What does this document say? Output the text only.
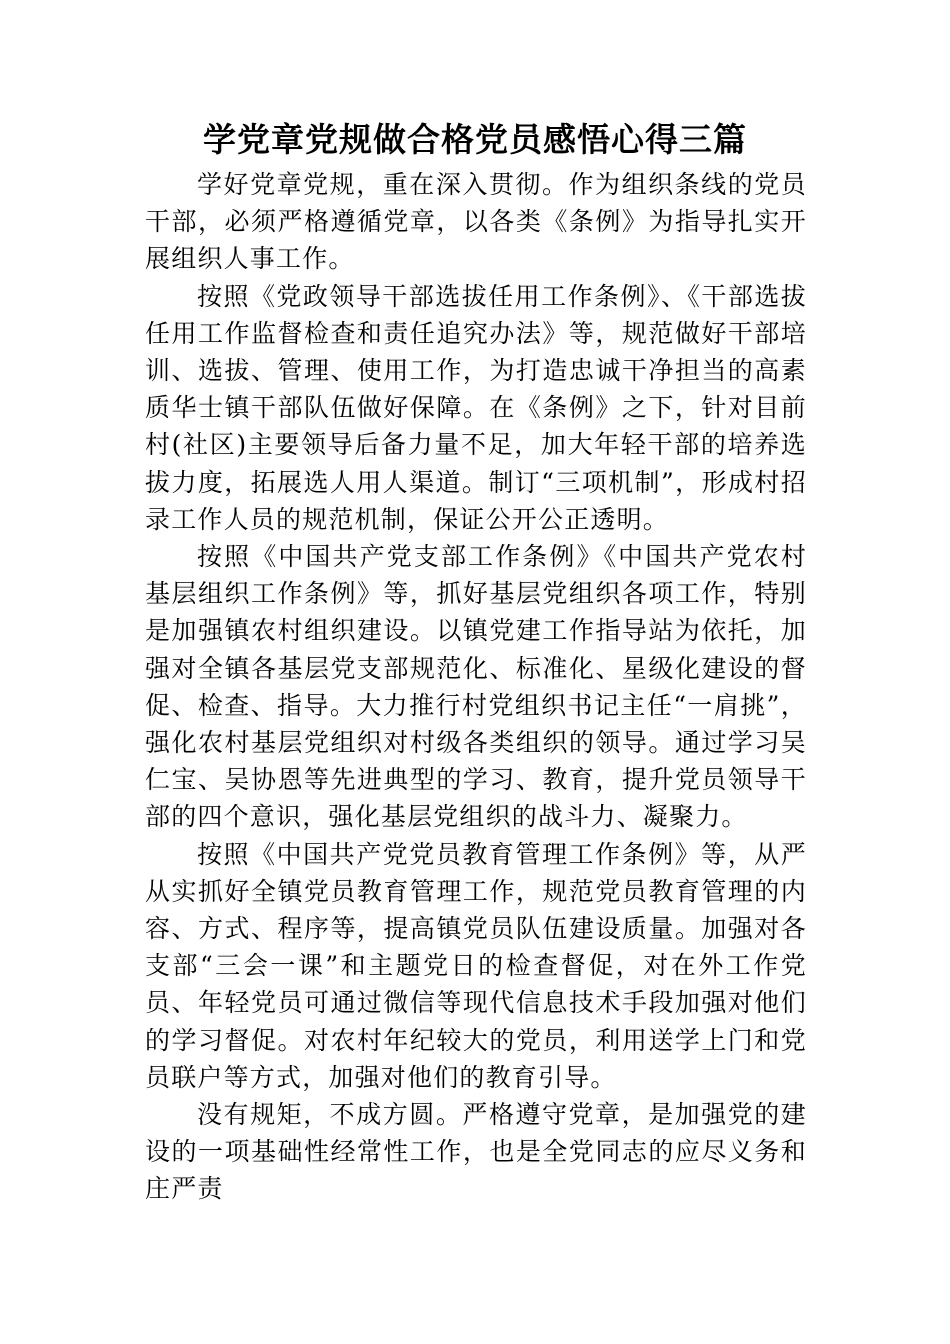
学党章党规做合格党员感悟心得三篇

学好党章党规，重在深入贯彻。作为组织条线的党员干部，必须严格遵循党章，以各类《条例》为指导扎实开展组织人事工作。

按照《党政领导干部选拔任用工作条例》、《干部选拔任用工作监督检查和责任追究办法》等，规范做好干部培训、选拔、管理、使用工作，为打造忠诚干净担当的高素质华士镇干部队伍做好保障。在《条例》之下，针对目前村(社区)主要领导后备力量不足，加大年轻干部的培养选拔力度，拓展选人用人渠道。制订“三项机制”，形成村招录工作人员的规范机制，保证公开公正透明。

按照《中国共产党支部工作条例》《中国共产党农村基层组织工作条例》等，抓好基层党组织各项工作，特别是加强镇农村组织建设。以镇党建工作指导站为依托，加强对全镇各基层党支部规范化、标准化、星级化建设的督促、检查、指导。大力推行村党组织书记主任“一肩挑”，强化农村基层党组织对村级各类组织的领导。通过学习吴仁宝、吴协恩等先进典型的学习、教育，提升党员领导干部的四个意识，强化基层党组织的战斗力、凝聚力。

按照《中国共产党党员教育管理工作条例》等，从严从实抓好全镇党员教育管理工作，规范党员教育管理的内容、方式、程序等，提高镇党员队伍建设质量。加强对各支部“三会一课”和主题党日的检查督促，对在外工作党员、年轻党员可通过微信等现代信息技术手段加强对他们的学习督促。对农村年纪较大的党员，利用送学上门和党员联户等方式，加强对他们的教育引导。

没有规矩，不成方圆。严格遵守党章，是加强党的建设的一项基础性经常性工作，也是全党同志的应尽义务和庄严责
